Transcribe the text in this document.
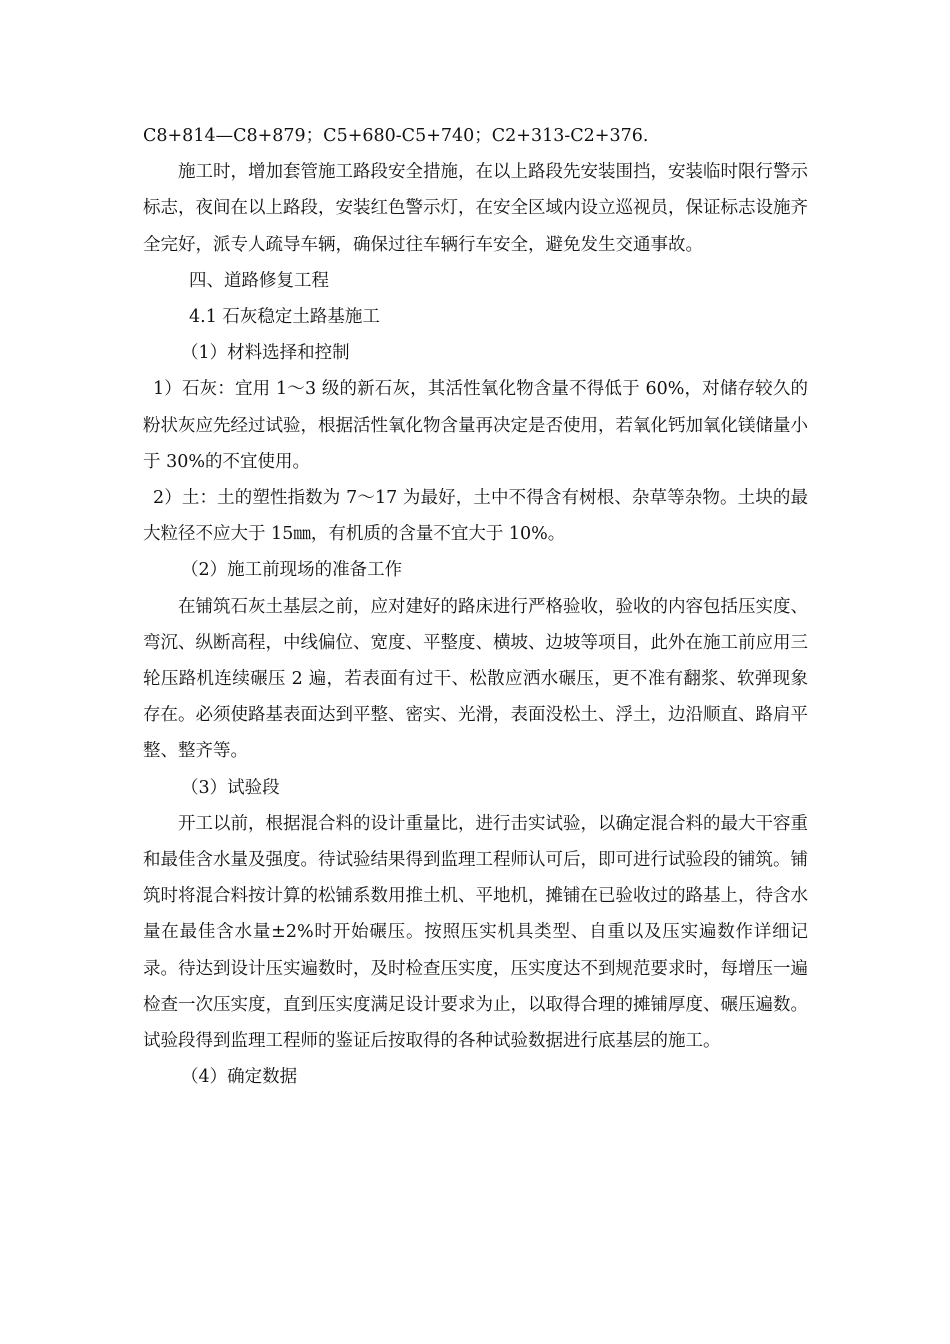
C8+814—C8+879；C5+680-C5+740；C2+313-C2+376.

施工时，增加套管施工路段安全措施，在以上路段先安装围挡，安装临时限行警示标志，夜间在以上路段，安装红色警示灯，在安全区域内设立巡视员，保证标志设施齐全完好，派专人疏导车辆，确保过往车辆行车安全，避免发生交通事故。

四、道路修复工程

4.1 石灰稳定土路基施工

（1）材料选择和控制

1）石灰：宜用 1～3 级的新石灰，其活性氧化物含量不得低于 60%，对储存较久的粉状灰应先经过试验，根据活性氧化物含量再决定是否使用，若氧化钙加氧化镁储量小于 30%的不宜使用。

2）土：土的塑性指数为 7～17 为最好，土中不得含有树根、杂草等杂物。土块的最大粒径不应大于 15㎜，有机质的含量不宜大于 10%。

（2）施工前现场的准备工作

在铺筑石灰土基层之前，应对建好的路床进行严格验收，验收的内容包括压实度、弯沉、纵断高程，中线偏位、宽度、平整度、横坡、边坡等项目，此外在施工前应用三轮压路机连续碾压 2 遍，若表面有过干、松散应洒水碾压，更不准有翻浆、软弹现象存在。必须使路基表面达到平整、密实、光滑，表面没松土、浮土，边沿顺直、路肩平整、整齐等。

（3）试验段

开工以前，根据混合料的设计重量比，进行击实试验，以确定混合料的最大干容重和最佳含水量及强度。待试验结果得到监理工程师认可后，即可进行试验段的铺筑。铺筑时将混合料按计算的松铺系数用推土机、平地机，摊铺在已验收过的路基上，待含水量在最佳含水量±2%时开始碾压。按照压实机具类型、自重以及压实遍数作详细记录。待达到设计压实遍数时，及时检查压实度，压实度达不到规范要求时，每增压一遍检查一次压实度，直到压实度满足设计要求为止，以取得合理的摊铺厚度、碾压遍数。试验段得到监理工程师的鉴证后按取得的各种试验数据进行底基层的施工。

（4）确定数据
